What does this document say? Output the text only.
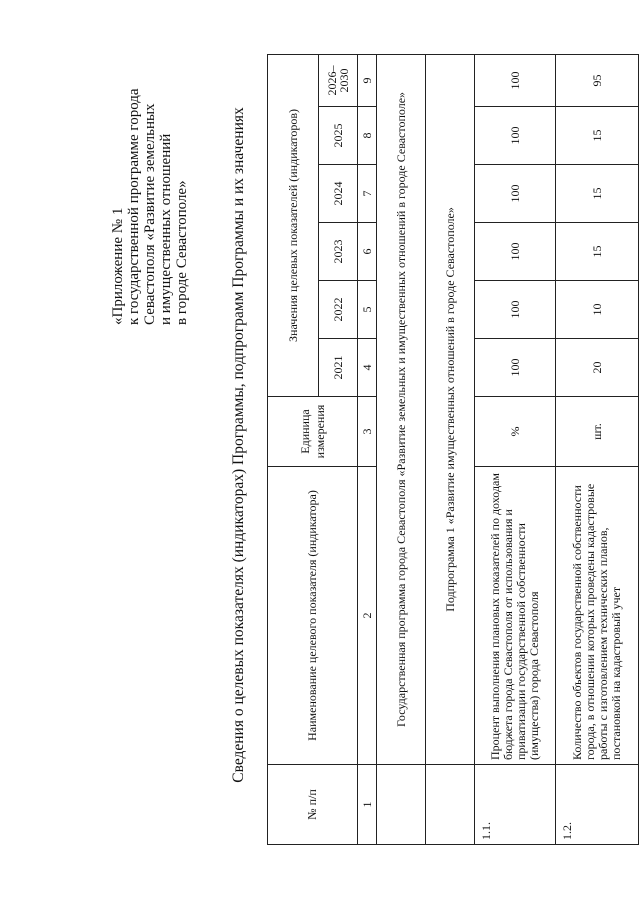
«Приложение № 1 к государственной программе города Севастополя «Развитие земельных и имущественных отношений в городе Севастополе»	Сведения о целевых показателях (индикаторах) Программы, подпрограмм Программы и их значениях
№ п/п	Наименование целевого показателя (индикатора)	Единица измерения	Значения целевых показателей (индикаторов)					
			2021	2022	2023	2024	2025	2026–2030
1	2	3	4	5	6	7	8	9
	Государственная программа города Севастополя «Развитие земельных и имущественных отношений в городе Севастополе»							
	Подпрограмма 1 «Развитие имущественных отношений в городе Севастополе»							
1.1.	Процент выполнения плановых показателей по доходам бюджета города Севастополя от использования и приватизации государственной собственности (имущества) города Севастополя	%	100	100	100	100	100	100
1.2.	Количество объектов государственной собственности города, в отношении которых проведены кадастровые работы с изготовлением технических планов, постановкой на кадастровый учет	шт.	20	10	15	15	15	95
